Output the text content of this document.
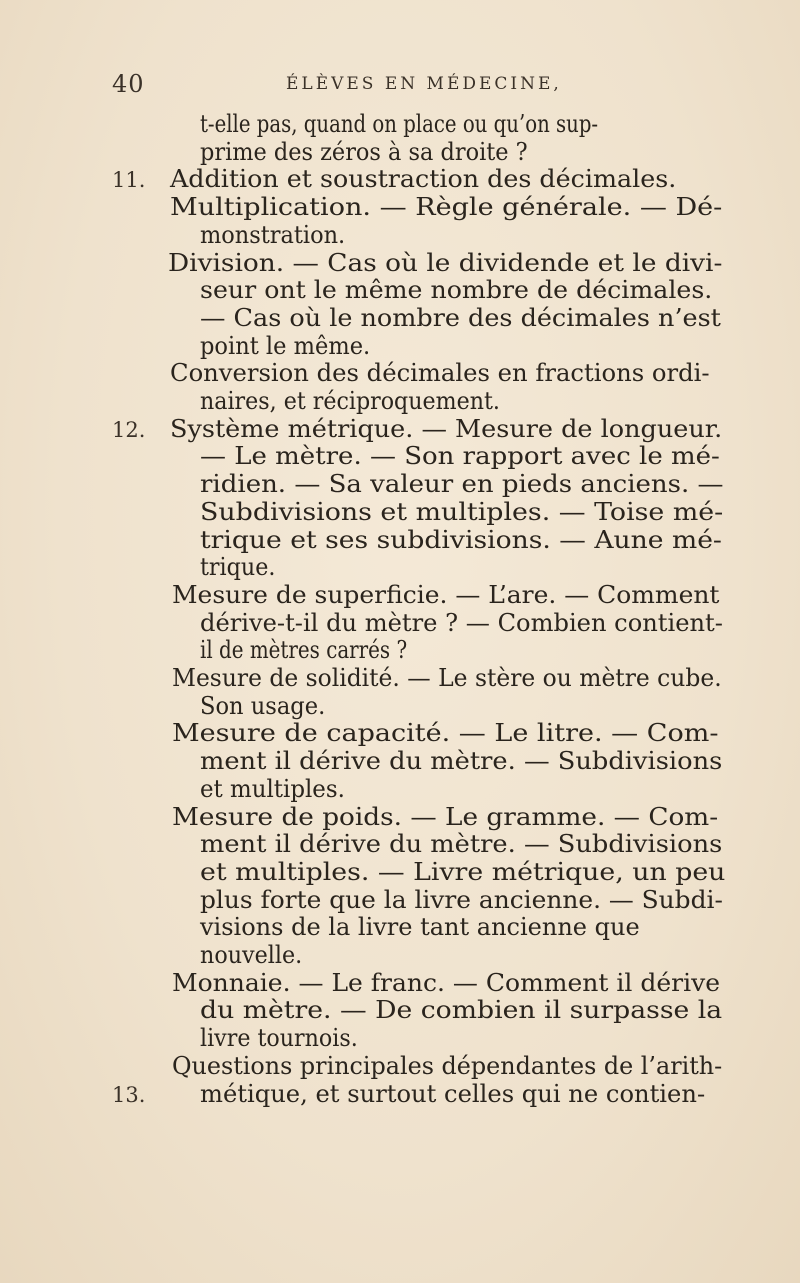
40	ÉLÈVES EN MÉDECINE,
t-elle pas, quand on place ou qu’on sup-
prime des zéros à sa droite ?
Addition et soustraction des décimales.
Multiplication. — Règle générale. — Dé-
monstration.
Division. — Cas où le dividende et le divi-
seur ont le même nombre de décimales.
— Cas où le nombre des décimales n’est
point le même.
Conversion des décimales en fractions ordi-
naires, et réciproquement.
Système métrique. — Mesure de longueur.
— Le mètre. — Son rapport avec le mé-
ridien. — Sa valeur en pieds anciens. —
Subdivisions et multiples. — Toise mé-
trique et ses subdivisions. — Aune mé-
trique.
Mesure de superficie. — L’are. — Comment
dérive-t-il du mètre ? — Combien contient-
il de mètres carrés ?
Mesure de solidité. — Le stère ou mètre cube.
Son usage.
Mesure de capacité. — Le litre. — Com-
ment il dérive du mètre. — Subdivisions
et multiples.
Mesure de poids. — Le gramme. — Com-
ment il dérive du mètre. — Subdivisions
et multiples. — Livre métrique, un peu
plus forte que la livre ancienne. — Subdi-
visions de la livre tant ancienne que
nouvelle.
Monnaie. — Le franc. — Comment il dérive
du mètre. — De combien il surpasse la
livre tournois.
Questions principales dépendantes de l’arith-
métique, et surtout celles qui ne contien-
11.
12.
13.
